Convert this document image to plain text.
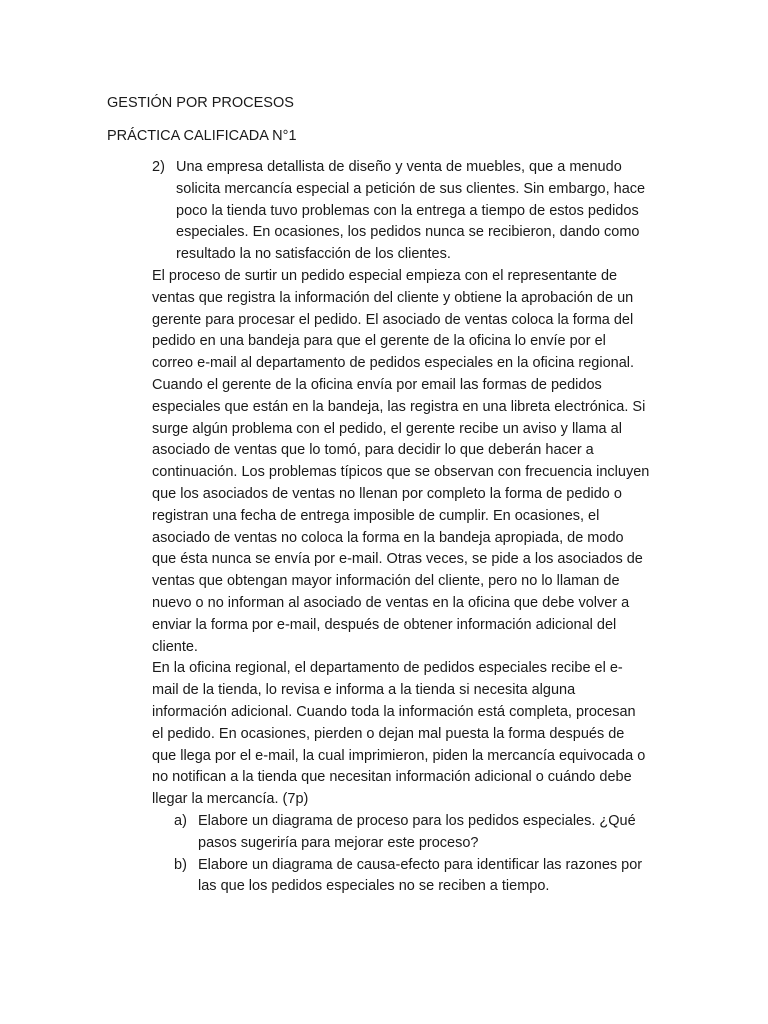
GESTIÓN POR PROCESOS
PRÁCTICA CALIFICADA N°1
2) Una empresa detallista de diseño y venta de muebles, que a menudo
solicita mercancía especial a petición de sus clientes. Sin embargo, hace
poco la tienda tuvo problemas con la entrega a tiempo de estos pedidos
especiales. En ocasiones, los pedidos nunca se recibieron, dando como
resultado la no satisfacción de los clientes.
El proceso de surtir un pedido especial empieza con el representante de
ventas que registra la información del cliente y obtiene la aprobación de un
gerente para procesar el pedido. El asociado de ventas coloca la forma del
pedido en una bandeja para que el gerente de la oficina lo envíe por el
correo e-mail al departamento de pedidos especiales en la oficina regional.
Cuando el gerente de la oficina envía por email las formas de pedidos
especiales que están en la bandeja, las registra en una libreta electrónica. Si
surge algún problema con el pedido, el gerente recibe un aviso y llama al
asociado de ventas que lo tomó, para decidir lo que deberán hacer a
continuación. Los problemas típicos que se observan con frecuencia incluyen
que los asociados de ventas no llenan por completo la forma de pedido o
registran una fecha de entrega imposible de cumplir. En ocasiones, el
asociado de ventas no coloca la forma en la bandeja apropiada, de modo
que ésta nunca se envía por e-mail. Otras veces, se pide a los asociados de
ventas que obtengan mayor información del cliente, pero no lo llaman de
nuevo o no informan al asociado de ventas en la oficina que debe volver a
enviar la forma por e-mail, después de obtener información adicional del
cliente.
En la oficina regional, el departamento de pedidos especiales recibe el e-
mail de la tienda, lo revisa e informa a la tienda si necesita alguna
información adicional. Cuando toda la información está completa, procesan
el pedido. En ocasiones, pierden o dejan mal puesta la forma después de
que llega por el e-mail, la cual imprimieron, piden la mercancía equivocada o
no notifican a la tienda que necesitan información adicional o cuándo debe
llegar la mercancía. (7p)
a) Elabore un diagrama de proceso para los pedidos especiales. ¿Qué
pasos sugeriría para mejorar este proceso?
b) Elabore un diagrama de causa-efecto para identificar las razones por
las que los pedidos especiales no se reciben a tiempo.
